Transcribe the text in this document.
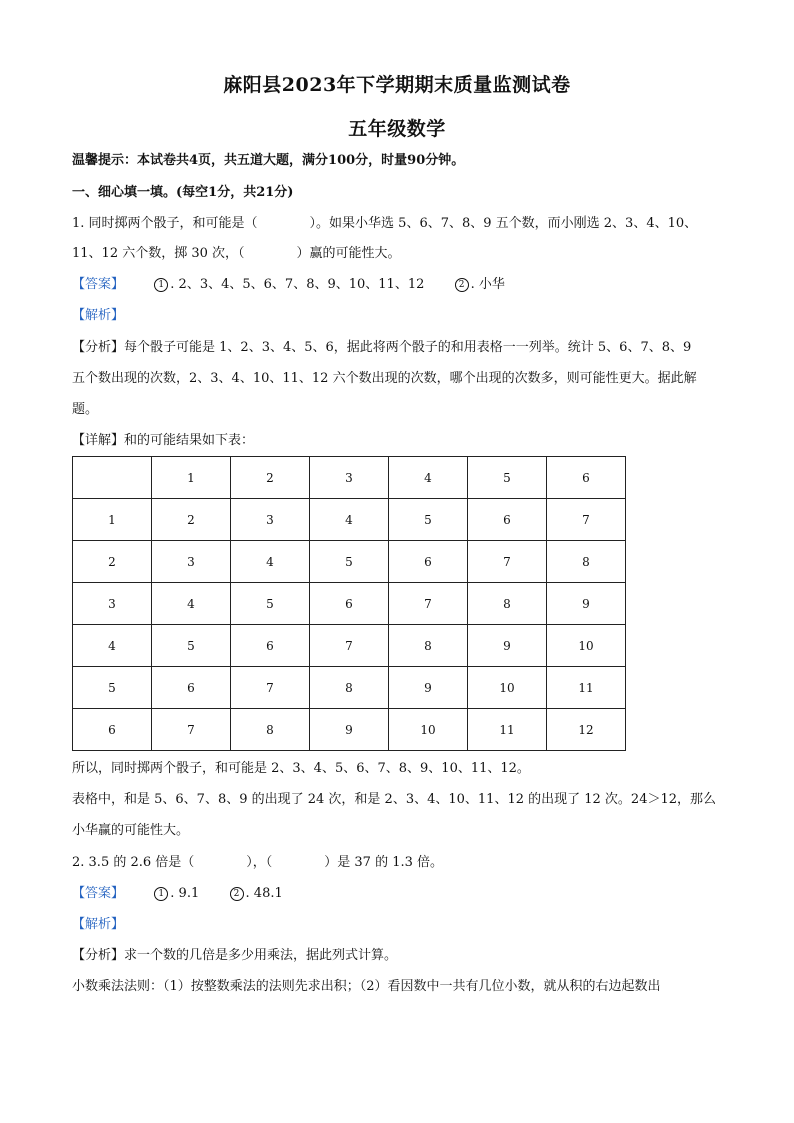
麻阳县2023年下学期期末质量监测试卷
五年级数学
温馨提示：本试卷共4页，共五道大题，满分100分，时量90分钟。
一、细心填一填。(每空1分，共21分)
1. 同时掷两个骰子，和可能是（　　　　）。如果小华选 5、6、7、8、9 五个数，而小刚选 2、3、4、10、
11、12 六个数，掷 30 次，（　　　　）赢的可能性大。
【答案】	1 . 2、3、4、5、6、7、8、9、10、11、12	2 . 小华
【解析】
【分析】每个骰子可能是 1、2、3、4、5、6，据此将两个骰子的和用表格一一列举。统计 5、6、7、8、9
五个数出现的次数，2、3、4、10、11、12 六个数出现的次数，哪个出现的次数多，则可能性更大。据此解
题。
【详解】和的可能结果如下表：
	1	2	3	4	5	6
1	2	3	4	5	6	7
2	3	4	5	6	7	8
3	4	5	6	7	8	9
4	5	6	7	8	9	10
5	6	7	8	9	10	11
6	7	8	9	10	11	12
所以，同时掷两个骰子，和可能是 2、3、4、5、6、7、8、9、10、11、12。
表格中，和是 5、6、7、8、9 的出现了 24 次，和是 2、3、4、10、11、12 的出现了 12 次。24＞12，那么
小华赢的可能性大。
2. 3.5 的 2.6 倍是（　　　　），（　　　　）是 37 的 1.3 倍。
【答案】	1 . 9.1	2 . 48.1
【解析】
【分析】求一个数的几倍是多少用乘法，据此列式计算。
小数乘法法则：（1）按整数乘法的法则先求出积；（2）看因数中一共有几位小数，就从积的右边起数出
